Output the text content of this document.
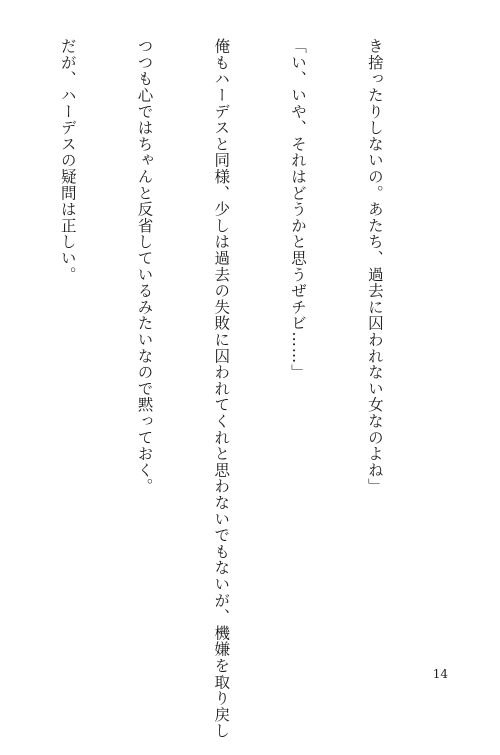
き捨ったりしないの。あたち、過去に囚われない女なのよね」

「い、いや、それはどうかと思うぜチビ……」

俺もハーデスと同様、少しは過去の失敗に囚われてくれと思わないでもないが、機嫌を取り戻し

つつも心ではちゃんと反省しているみたいなので黙っておく。

だが、ハーデスの疑問は正しい。

14
